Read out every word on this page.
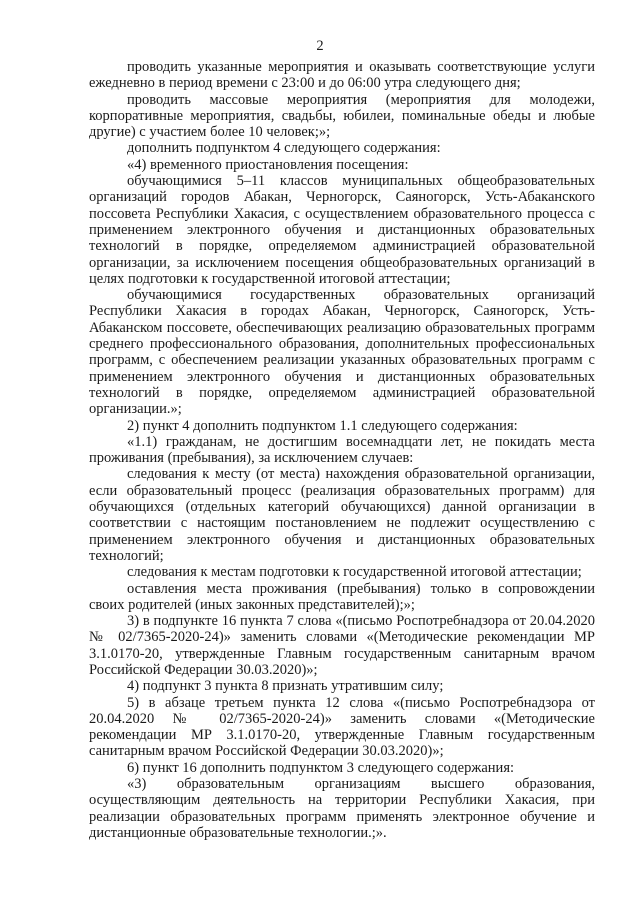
2

проводить указанные мероприятия и оказывать соответствующие услуги ежедневно в период времени с 23:00 и до 06:00 утра следующего дня;

проводить массовые мероприятия (мероприятия для молодежи, корпоративные мероприятия, свадьбы, юбилеи, поминальные обеды и любые другие) с участием более 10 человек;»;

дополнить подпунктом 4 следующего содержания:

«4) временного приостановления посещения:

обучающимися 5–11 классов муниципальных общеобразовательных организаций городов Абакан, Черногорск, Саяногорск, Усть-Абаканского поссовета Республики Хакасия, с осуществлением образовательного процесса с применением электронного обучения и дистанционных образовательных технологий в порядке, определяемом администрацией образовательной организации, за исключением посещения общеобразовательных организаций в целях подготовки к государственной итоговой аттестации;

обучающимися государственных образовательных организаций Республики Хакасия в городах Абакан, Черногорск, Саяногорск, Усть-Абаканском поссовете, обеспечивающих реализацию образовательных программ среднего профессионального образования, дополнительных профессиональных программ, с обеспечением реализации указанных образовательных программ с применением электронного обучения и дистанционных образовательных технологий в порядке, определяемом администрацией образовательной организации.»;

2) пункт 4 дополнить подпунктом 1.1 следующего содержания:

«1.1) гражданам, не достигшим восемнадцати лет, не покидать места проживания (пребывания), за исключением случаев:

следования к месту (от места) нахождения образовательной организации, если образовательный процесс (реализация образовательных программ) для обучающихся (отдельных категорий обучающихся) данной организации в соответствии с настоящим постановлением не подлежит осуществлению с применением электронного обучения и дистанционных образовательных технологий;

следования к местам подготовки к государственной итоговой аттестации;

оставления места проживания (пребывания) только в сопровождении своих родителей (иных законных представителей);»;

3) в подпункте 16 пункта 7 слова «(письмо Роспотребнадзора от 20.04.2020 № 02/7365-2020-24)» заменить словами «(Методические рекомендации МР 3.1.0170-20, утвержденные Главным государственным санитарным врачом Российской Федерации 30.03.2020)»;

4) подпункт 3 пункта 8 признать утратившим силу;

5) в абзаце третьем пункта 12 слова «(письмо Роспотребнадзора от 20.04.2020 № 02/7365-2020-24)» заменить словами «(Методические рекомендации МР 3.1.0170-20, утвержденные Главным государственным санитарным врачом Российской Федерации 30.03.2020)»;

6) пункт 16 дополнить подпунктом 3 следующего содержания:

«3) образовательным организациям высшего образования, осуществляющим деятельность на территории Республики Хакасия, при реализации образовательных программ применять электронное обучение и дистанционные образовательные технологии.;».
